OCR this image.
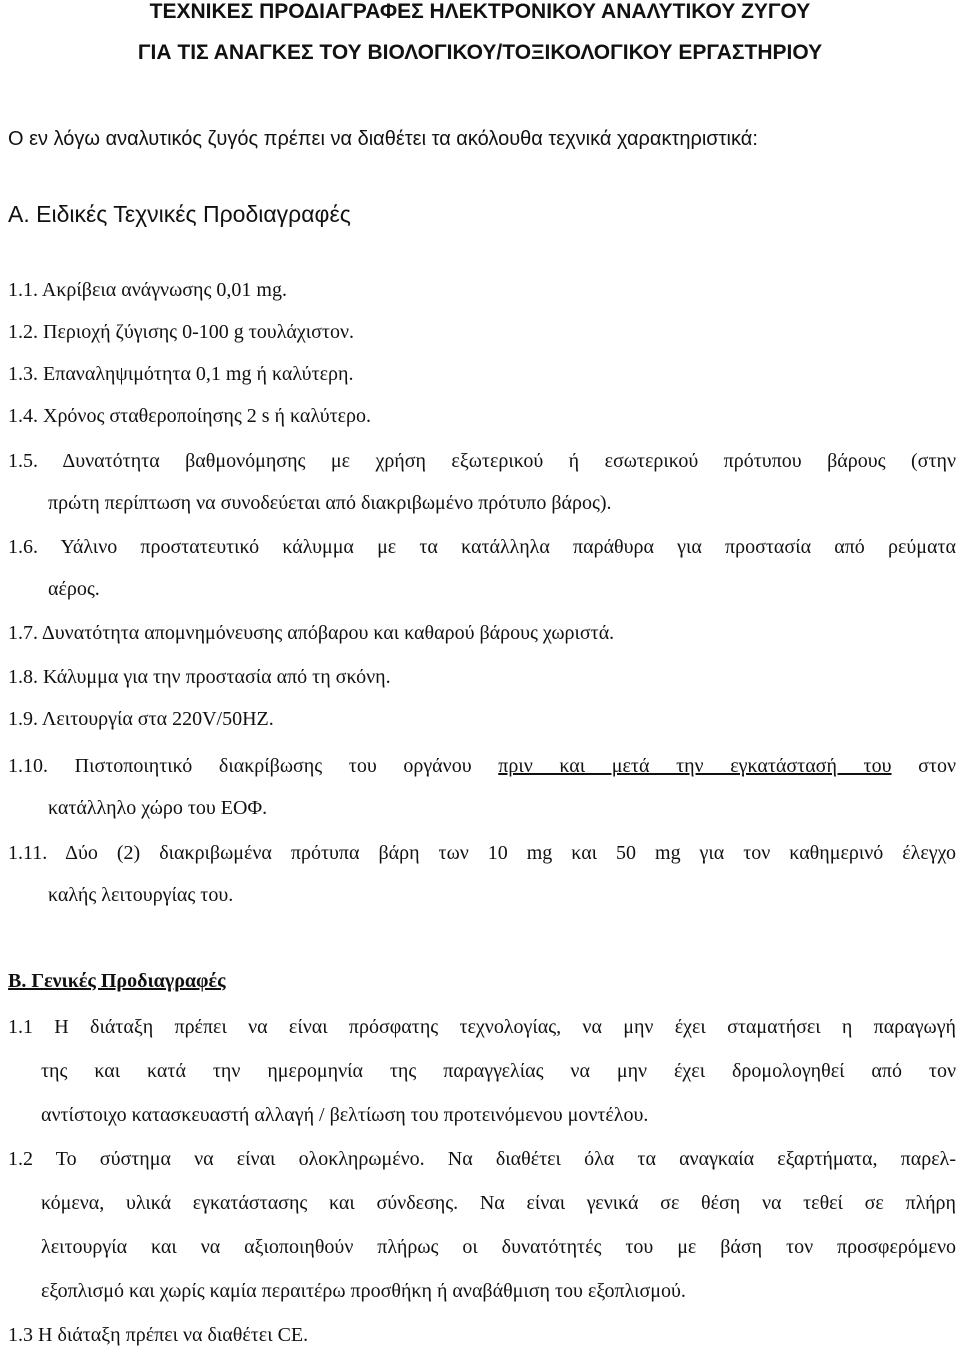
ΤΕΧΝΙΚΕΣ ΠΡΟΔΙΑΓΡΑΦΕΣ ΗΛΕΚΤΡΟΝΙΚΟΥ ΑΝΑΛΥΤΙΚΟΥ ΖΥΓΟΥ
ΓΙΑ ΤΙΣ ΑΝΑΓΚΕΣ ΤΟΥ ΒΙΟΛΟΓΙΚΟΥ/ΤΟΞΙΚΟΛΟΓΙΚΟΥ ΕΡΓΑΣΤΗΡΙΟΥ
Ο εν λόγω αναλυτικός ζυγός πρέπει να διαθέτει τα ακόλουθα τεχνικά χαρακτηριστικά:
Α. Ειδικές Τεχνικές Προδιαγραφές
1.1. Ακρίβεια ανάγνωσης 0,01 mg.
1.2. Περιοχή ζύγισης 0-100 g τουλάχιστον.
1.3. Επαναληψιμότητα 0,1 mg ή καλύτερη.
1.4. Χρόνος σταθεροποίησης 2 s ή καλύτερο.
1.5. Δυνατότητα βαθμονόμησης με χρήση εξωτερικού ή εσωτερικού πρότυπου βάρους (στην
πρώτη περίπτωση να συνοδεύεται από διακριβωμένο πρότυπο βάρος).
1.6. Υάλινο προστατευτικό κάλυμμα με τα κατάλληλα παράθυρα για προστασία από ρεύματα
αέρος.
1.7. Δυνατότητα απομνημόνευσης απόβαρου και καθαρού βάρους χωριστά.
1.8. Κάλυμμα για την προστασία από τη σκόνη.
1.9. Λειτουργία στα 220V/50HZ.
1.10. Πιστοποιητικό διακρίβωσης του οργάνου πριν και μετά την εγκατάστασή του στον
κατάλληλο χώρο του ΕΟΦ.
1.11. Δύο (2) διακριβωμένα πρότυπα βάρη των 10 mg και 50 mg για τον καθημερινό έλεγχο
καλής λειτουργίας του.
Β. Γενικές Προδιαγραφές
1.1 Η διάταξη πρέπει να είναι πρόσφατης τεχνολογίας, να μην έχει σταματήσει η παραγωγή
της και κατά την ημερομηνία της παραγγελίας να μην έχει δρομολογηθεί από τον
αντίστοιχο κατασκευαστή αλλαγή / βελτίωση του προτεινόμενου μοντέλου.
1.2 Το σύστημα να είναι ολοκληρωμένο. Να διαθέτει όλα τα αναγκαία εξαρτήματα, παρελ-
κόμενα, υλικά εγκατάστασης και σύνδεσης. Να είναι γενικά σε θέση να τεθεί σε πλήρη
λειτουργία και να αξιοποιηθούν πλήρως οι δυνατότητές του με βάση τον προσφερόμενο
εξοπλισμό και χωρίς καμία περαιτέρω προσθήκη ή αναβάθμιση του εξοπλισμού.
1.3 Η διάταξη πρέπει να διαθέτει CE.
